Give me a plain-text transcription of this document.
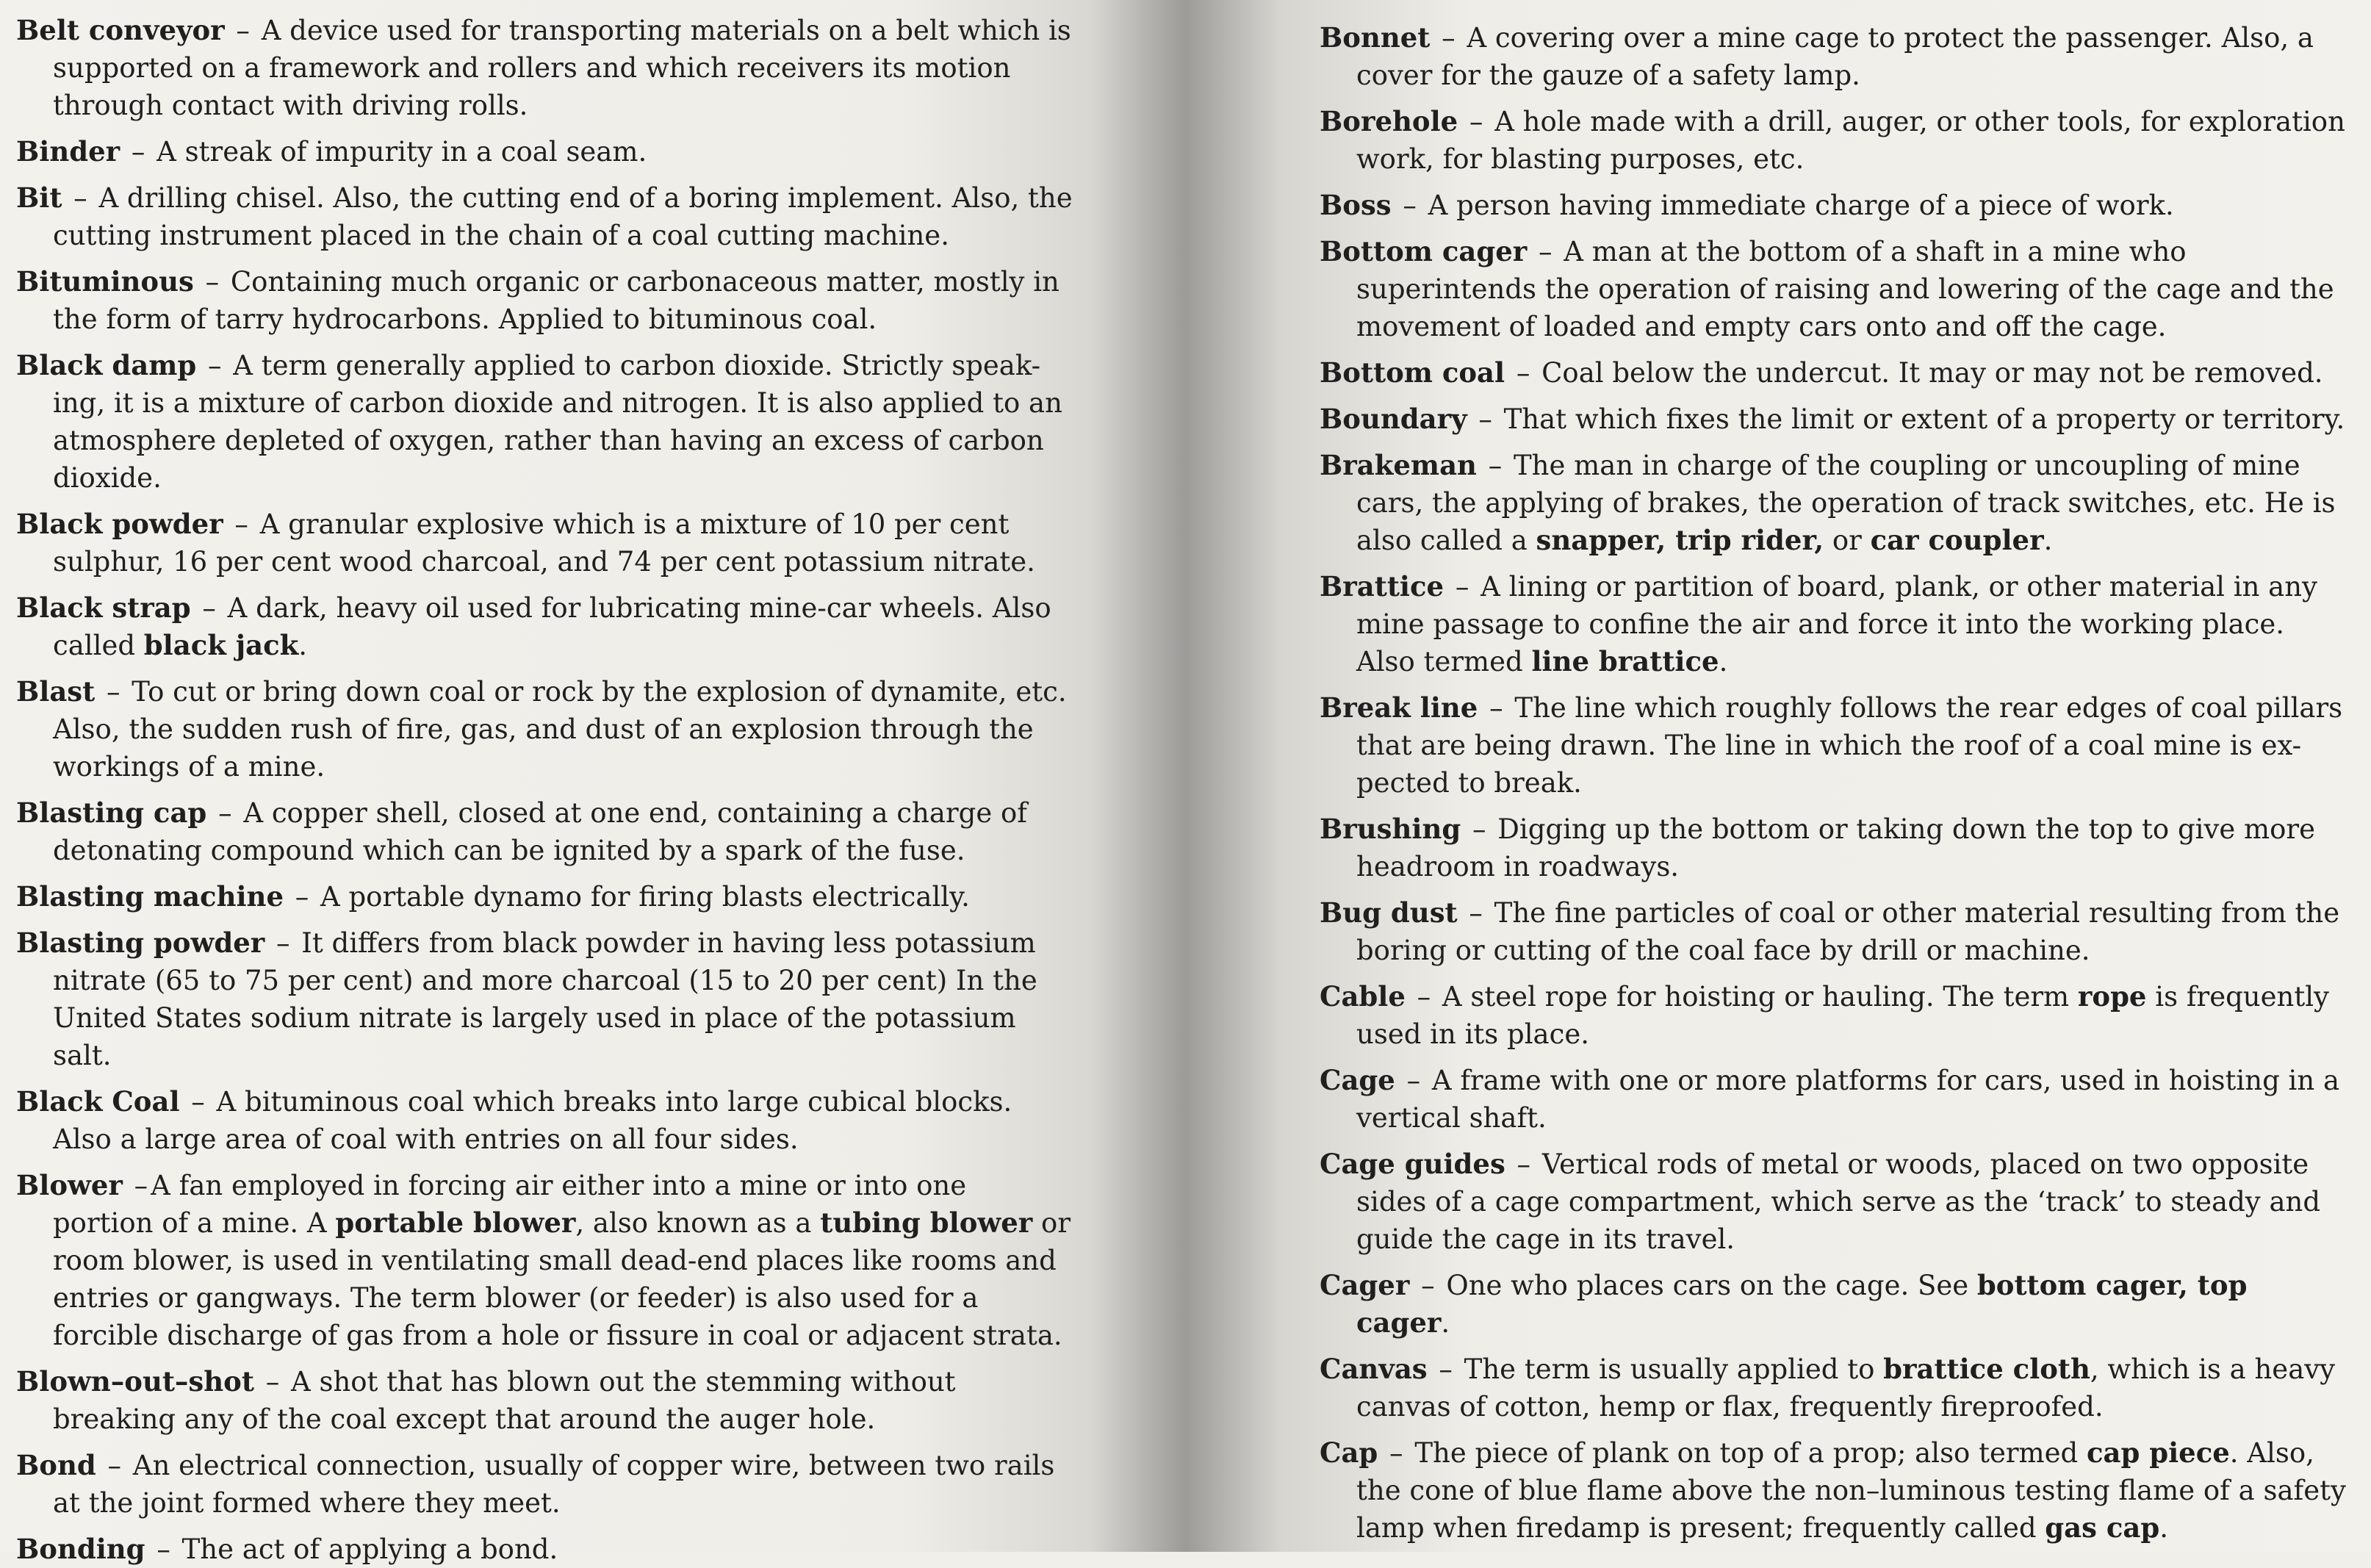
Belt conveyor – A device used for transporting materials on a belt which is supported on a framework and rollers and which receivers its motion through contact with driving rolls.
Binder – A streak of impurity in a coal seam.
Bit – A drilling chisel. Also, the cutting end of a boring implement. Also, the cutting instrument placed in the chain of a coal cutting machine.
Bituminous – Containing much organic or carbonaceous matter, mostly in the form of tarry hydrocarbons. Applied to bituminous coal.
Black damp – A term generally applied to carbon dioxide. Strictly speak-ing, it is a mixture of carbon dioxide and nitrogen. It is also applied to an atmosphere depleted of oxygen, rather than having an excess of carbon dioxide.
Black powder – A granular explosive which is a mixture of 10 per cent sulphur, 16 per cent wood charcoal, and 74 per cent potassium nitrate.
Black strap – A dark, heavy oil used for lubricating mine-car wheels. Also called black jack.
Blast – To cut or bring down coal or rock by the explosion of dynamite, etc. Also, the sudden rush of fire, gas, and dust of an explosion through the workings of a mine.
Blasting cap – A copper shell, closed at one end, containing a charge of detonating compound which can be ignited by a spark of the fuse.
Blasting machine – A portable dynamo for firing blasts electrically.
Blasting powder – It differs from black powder in having less potassium nitrate (65 to 75 per cent) and more charcoal (15 to 20 per cent) In the United States sodium nitrate is largely used in place of the potassium salt.
Black Coal – A bituminous coal which breaks into large cubical blocks. Also a large area of coal with entries on all four sides.
Blower – A fan employed in forcing air either into a mine or into one portion of a mine. A portable blower, also known as a tubing blower or room blower, is used in ventilating small dead-end places like rooms and entries or gangways. The term blower (or feeder) is also used for a forcible discharge of gas from a hole or fissure in coal or adjacent strata.
Blown–out–shot – A shot that has blown out the stemming without breaking any of the coal except that around the auger hole.
Bond – An electrical connection, usually of copper wire, between two rails at the joint formed where they meet.
Bonding – The act of applying a bond.
Bonnet – A covering over a mine cage to protect the passenger. Also, a cover for the gauze of a safety lamp.
Borehole – A hole made with a drill, auger, or other tools, for exploration work, for blasting purposes, etc.
Boss – A person having immediate charge of a piece of work.
Bottom cager – A man at the bottom of a shaft in a mine who superintends the operation of raising and lowering of the cage and the movement of loaded and empty cars onto and off the cage.
Bottom coal – Coal below the undercut. It may or may not be removed.
Boundary – That which fixes the limit or extent of a property or territory.
Brakeman – The man in charge of the coupling or uncoupling of mine cars, the applying of brakes, the operation of track switches, etc. He is also called a snapper, trip rider, or car coupler.
Brattice – A lining or partition of board, plank, or other material in any mine passage to confine the air and force it into the working place. Also termed line brattice.
Break line – The line which roughly follows the rear edges of coal pillars that are being drawn. The line in which the roof of a coal mine is ex-pected to break.
Brushing – Digging up the bottom or taking down the top to give more headroom in roadways.
Bug dust – The fine particles of coal or other material resulting from the boring or cutting of the coal face by drill or machine.
Cable – A steel rope for hoisting or hauling. The term rope is frequently used in its place.
Cage – A frame with one or more platforms for cars, used in hoisting in a vertical shaft.
Cage guides – Vertical rods of metal or woods, placed on two opposite sides of a cage compartment, which serve as the ‘track’ to steady and guide the cage in its travel.
Cager – One who places cars on the cage. See bottom cager, top cager.
Canvas – The term is usually applied to brattice cloth, which is a heavy canvas of cotton, hemp or flax, frequently fireproofed.
Cap – The piece of plank on top of a prop; also termed cap piece. Also, the cone of blue flame above the non–luminous testing flame of a safety lamp when firedamp is present; frequently called gas cap.
